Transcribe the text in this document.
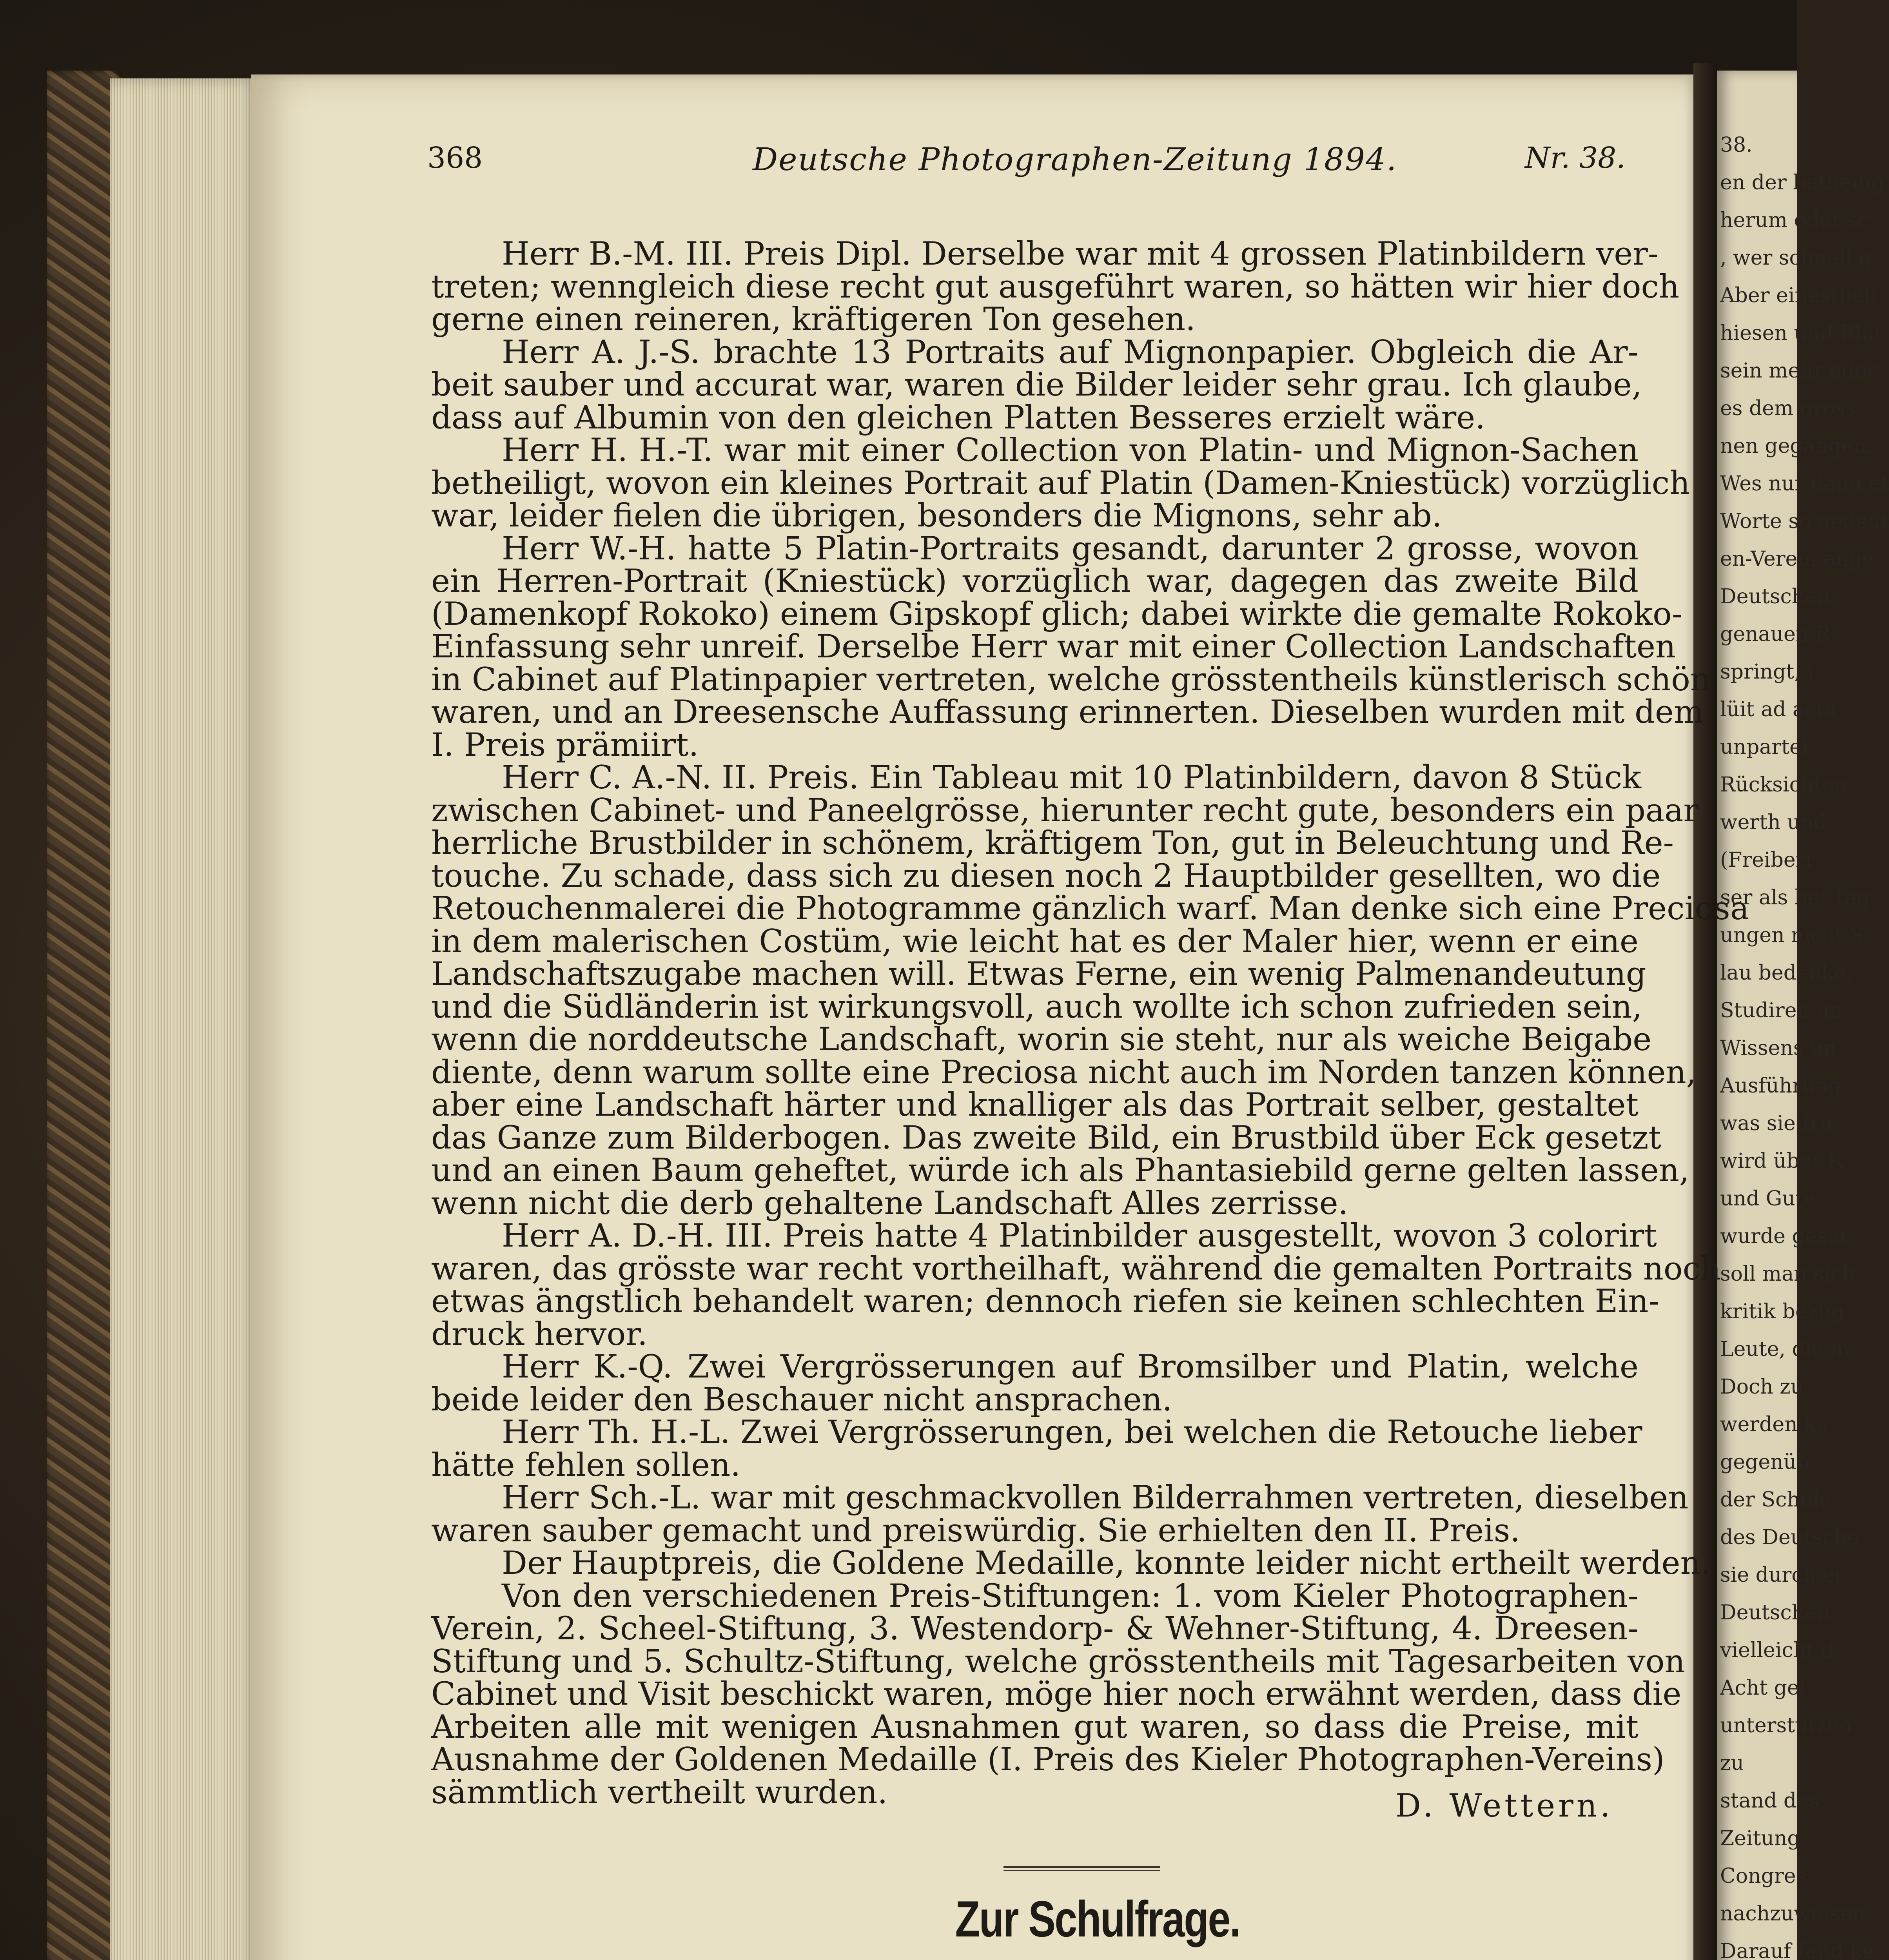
38.
en der betheilig
herum oder sc
, wer schnell g
Aber einestheil
hiesen und Blut
sein mehr oder
es dem gross
nen gegangen,
Wes nur dann et
Worte so gedeut
en-Verein ange
Deutschen
genauen R
springt, i
lüit ad acta
unpartei
Rücksichten
werth und
(Freiberr
ser als bei Tag
ungen nicht S
lau bedenke,
Studiren un
Wissens un
Ausführung
was sie frü
wird über R
und Gute,
wurde gesät,
soll man sich
kritik bezüg
Leute, die in
Doch zu
werden ka
gegenüb
der Schule
des Deutsche
sie durch ei
Deutschen
vielleicht d
Acht gel
unterstützen
zu
stand des
Zeitung
Congres
nachzuweisen
Darauf fand ke
368	Deutsche Photographen-Zeitung 1894.	Nr. 38.
Herr B.-M. III. Preis Dipl. Derselbe war mit 4 grossen Platinbildern ver-
treten; wenngleich diese recht gut ausgeführt waren, so hätten wir hier doch
gerne einen reineren, kräftigeren Ton gesehen.
Herr A. J.-S. brachte 13 Portraits auf Mignonpapier. Obgleich die Ar-
beit sauber und accurat war, waren die Bilder leider sehr grau. Ich glaube,
dass auf Albumin von den gleichen Platten Besseres erzielt wäre.
Herr H. H.-T. war mit einer Collection von Platin- und Mignon-Sachen
betheiligt, wovon ein kleines Portrait auf Platin (Damen-Kniestück) vorzüglich
war, leider fielen die übrigen, besonders die Mignons, sehr ab.
Herr W.-H. hatte 5 Platin-Portraits gesandt, darunter 2 grosse, wovon
ein Herren-Portrait (Kniestück) vorzüglich war, dagegen das zweite Bild
(Damenkopf Rokoko) einem Gipskopf glich; dabei wirkte die gemalte Rokoko-
Einfassung sehr unreif. Derselbe Herr war mit einer Collection Landschaften
in Cabinet auf Platinpapier vertreten, welche grösstentheils künstlerisch schön
waren, und an Dreesensche Auffassung erinnerten. Dieselben wurden mit dem
I. Preis prämiirt.
Herr C. A.-N. II. Preis. Ein Tableau mit 10 Platinbildern, davon 8 Stück
zwischen Cabinet- und Paneelgrösse, hierunter recht gute, besonders ein paar
herrliche Brustbilder in schönem, kräftigem Ton, gut in Beleuchtung und Re-
touche. Zu schade, dass sich zu diesen noch 2 Hauptbilder gesellten, wo die
Retouchenmalerei die Photogramme gänzlich warf. Man denke sich eine Preciosa
in dem malerischen Costüm, wie leicht hat es der Maler hier, wenn er eine
Landschaftszugabe machen will. Etwas Ferne, ein wenig Palmenandeutung
und die Südländerin ist wirkungsvoll, auch wollte ich schon zufrieden sein,
wenn die norddeutsche Landschaft, worin sie steht, nur als weiche Beigabe
diente, denn warum sollte eine Preciosa nicht auch im Norden tanzen können,
aber eine Landschaft härter und knalliger als das Portrait selber, gestaltet
das Ganze zum Bilderbogen. Das zweite Bild, ein Brustbild über Eck gesetzt
und an einen Baum geheftet, würde ich als Phantasiebild gerne gelten lassen,
wenn nicht die derb gehaltene Landschaft Alles zerrisse.
Herr A. D.-H. III. Preis hatte 4 Platinbilder ausgestellt, wovon 3 colorirt
waren, das grösste war recht vortheilhaft, während die gemalten Portraits noch
etwas ängstlich behandelt waren; dennoch riefen sie keinen schlechten Ein-
druck hervor.
Herr K.-Q. Zwei Vergrösserungen auf Bromsilber und Platin, welche
beide leider den Beschauer nicht ansprachen.
Herr Th. H.-L. Zwei Vergrösserungen, bei welchen die Retouche lieber
hätte fehlen sollen.
Herr Sch.-L. war mit geschmackvollen Bilderrahmen vertreten, dieselben
waren sauber gemacht und preiswürdig. Sie erhielten den II. Preis.
Der Hauptpreis, die Goldene Medaille, konnte leider nicht ertheilt werden.
Von den verschiedenen Preis-Stiftungen: 1. vom Kieler Photographen-
Verein, 2. Scheel-Stiftung, 3. Westendorp- & Wehner-Stiftung, 4. Dreesen-
Stiftung und 5. Schultz-Stiftung, welche grösstentheils mit Tagesarbeiten von
Cabinet und Visit beschickt waren, möge hier noch erwähnt werden, dass die
Arbeiten alle mit wenigen Ausnahmen gut waren, so dass die Preise, mit
Ausnahme der Goldenen Medaille (I. Preis des Kieler Photographen-Vereins)
sämmtlich vertheilt wurden.	D. Wettern.
Zur Schulfrage.
